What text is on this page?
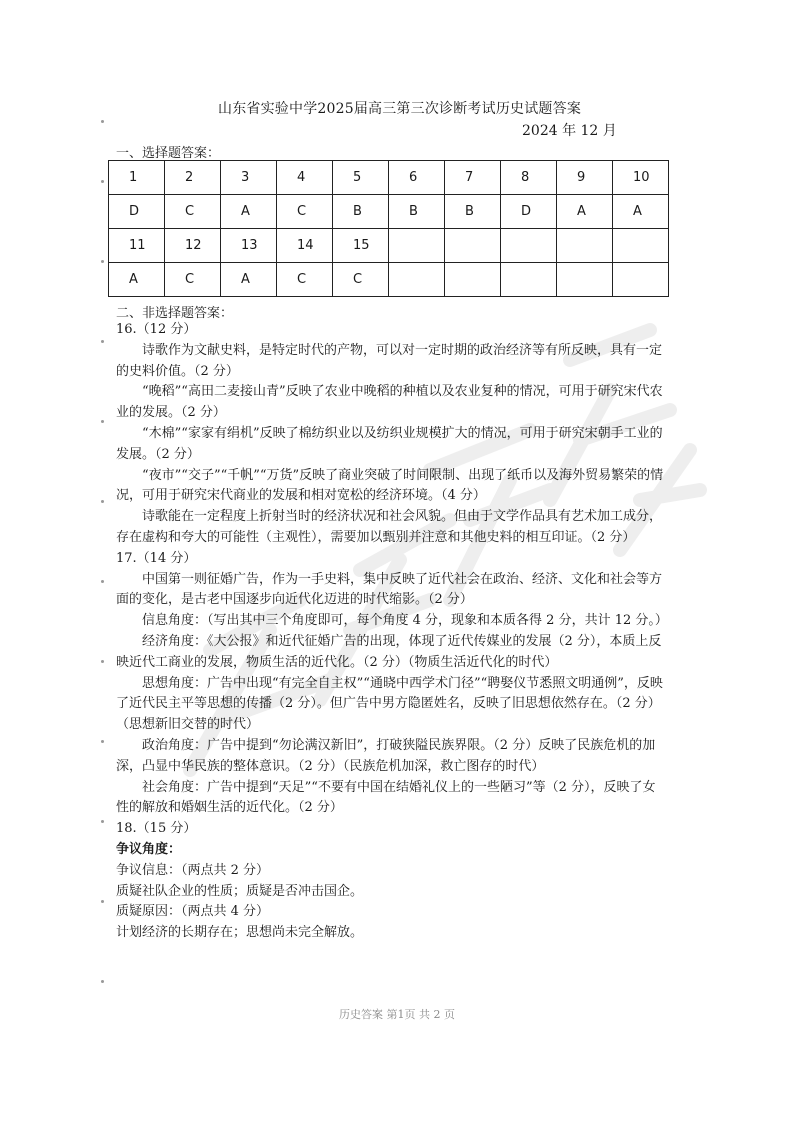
山东省实验中学2025届高三第三次诊断考试历史试题答案
2024 年 12 月
一、选择题答案：
1	2	3	4	5	6	7	8	9	10
D	C	A	C	B	B	B	D	A	A
11	12	13	14	15					
A	C	A	C	C					
二、非选择题答案：

16.（12 分）

诗歌作为文献史料，是特定时代的产物，可以对一定时期的政治经济等有所反映，具有一定的史料价值。（2 分）

“晚稻”“高田二麦接山青”反映了农业中晚稻的种植以及农业复种的情况，可用于研究宋代农业的发展。（2 分）

“木棉”“家家有绢机”反映了棉纺织业以及纺织业规模扩大的情况，可用于研究宋朝手工业的发展。（2 分）

“夜市”“交子”“千帆”“万货”反映了商业突破了时间限制、出现了纸币以及海外贸易繁荣的情况，可用于研究宋代商业的发展和相对宽松的经济环境。（4 分）

诗歌能在一定程度上折射当时的经济状况和社会风貌。但由于文学作品具有艺术加工成分，存在虚构和夸大的可能性（主观性），需要加以甄别并注意和其他史料的相互印证。（2 分）

17.（14 分）

中国第一则征婚广告，作为一手史料，集中反映了近代社会在政治、经济、文化和社会等方面的变化，是古老中国逐步向近代化迈进的时代缩影。（2 分）

信息角度：（写出其中三个角度即可，每个角度 4 分，现象和本质各得 2 分，共计 12 分。）

经济角度：《大公报》和近代征婚广告的出现，体现了近代传媒业的发展（2 分），本质上反映近代工商业的发展，物质生活的近代化。（2 分）（物质生活近代化的时代）

思想角度：广告中出现“有完全自主权”“通晓中西学术门径”“聘娶仪节悉照文明通例”，反映了近代民主平等思想的传播（2 分）。但广告中男方隐匿姓名，反映了旧思想依然存在。（2 分）（思想新旧交替的时代）

政治角度：广告中提到“勿论满汉新旧”，打破狭隘民族界限。（2 分）反映了民族危机的加深，凸显中华民族的整体意识。（2 分）（民族危机加深，救亡图存的时代）

社会角度：广告中提到“天足”“不要有中国在结婚礼仪上的一些陋习”等（2 分），反映了女性的解放和婚姻生活的近代化。（2 分）

18.（15 分）

争议角度：

争议信息：（两点共 2 分）

质疑社队企业的性质；质疑是否冲击国企。

质疑原因：（两点共 4 分）

计划经济的长期存在；思想尚未完全解放。

历史答案 第1页 共 2 页
